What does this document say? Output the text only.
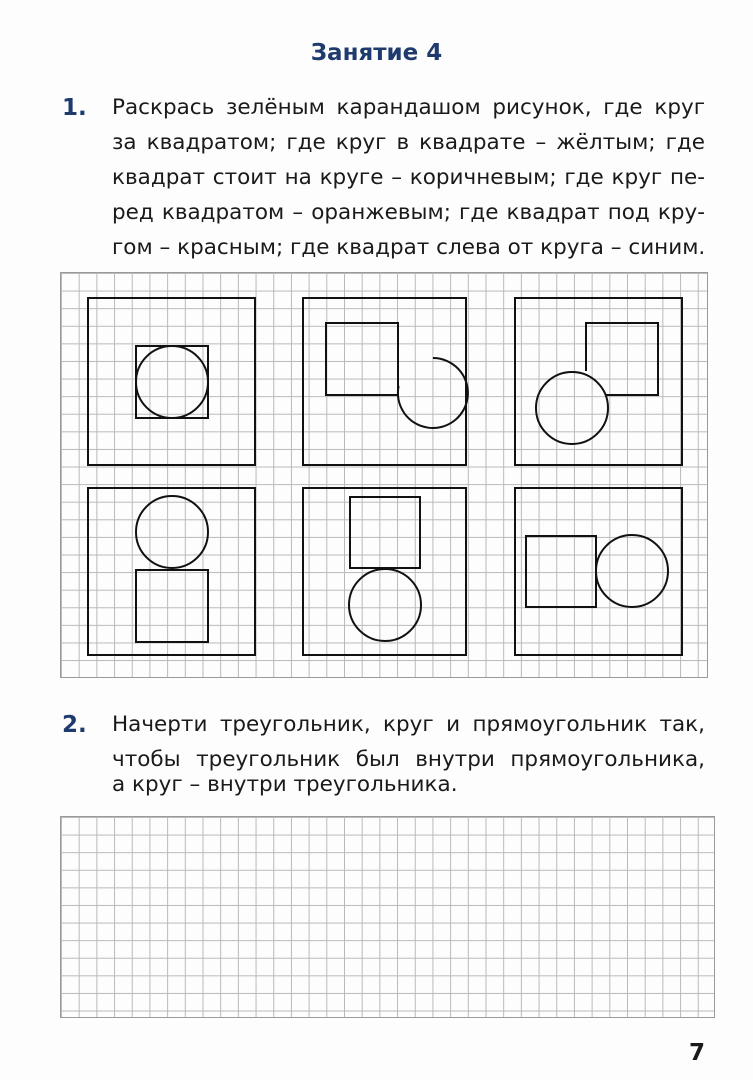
Занятие 4
1. Раскрась зелёным карандашом рисунок, где круг
за квадратом; где круг в квадрате – жёлтым; где
квадрат стоит на круге – коричневым; где круг пе-
ред квадратом – оранжевым; где квадрат под кру-
гом – красным; где квадрат слева от круга – синим.
2. Начерти треугольник, круг и прямоугольник так,
чтобы треугольник был внутри прямоугольника,
а круг – внутри треугольника.
7
